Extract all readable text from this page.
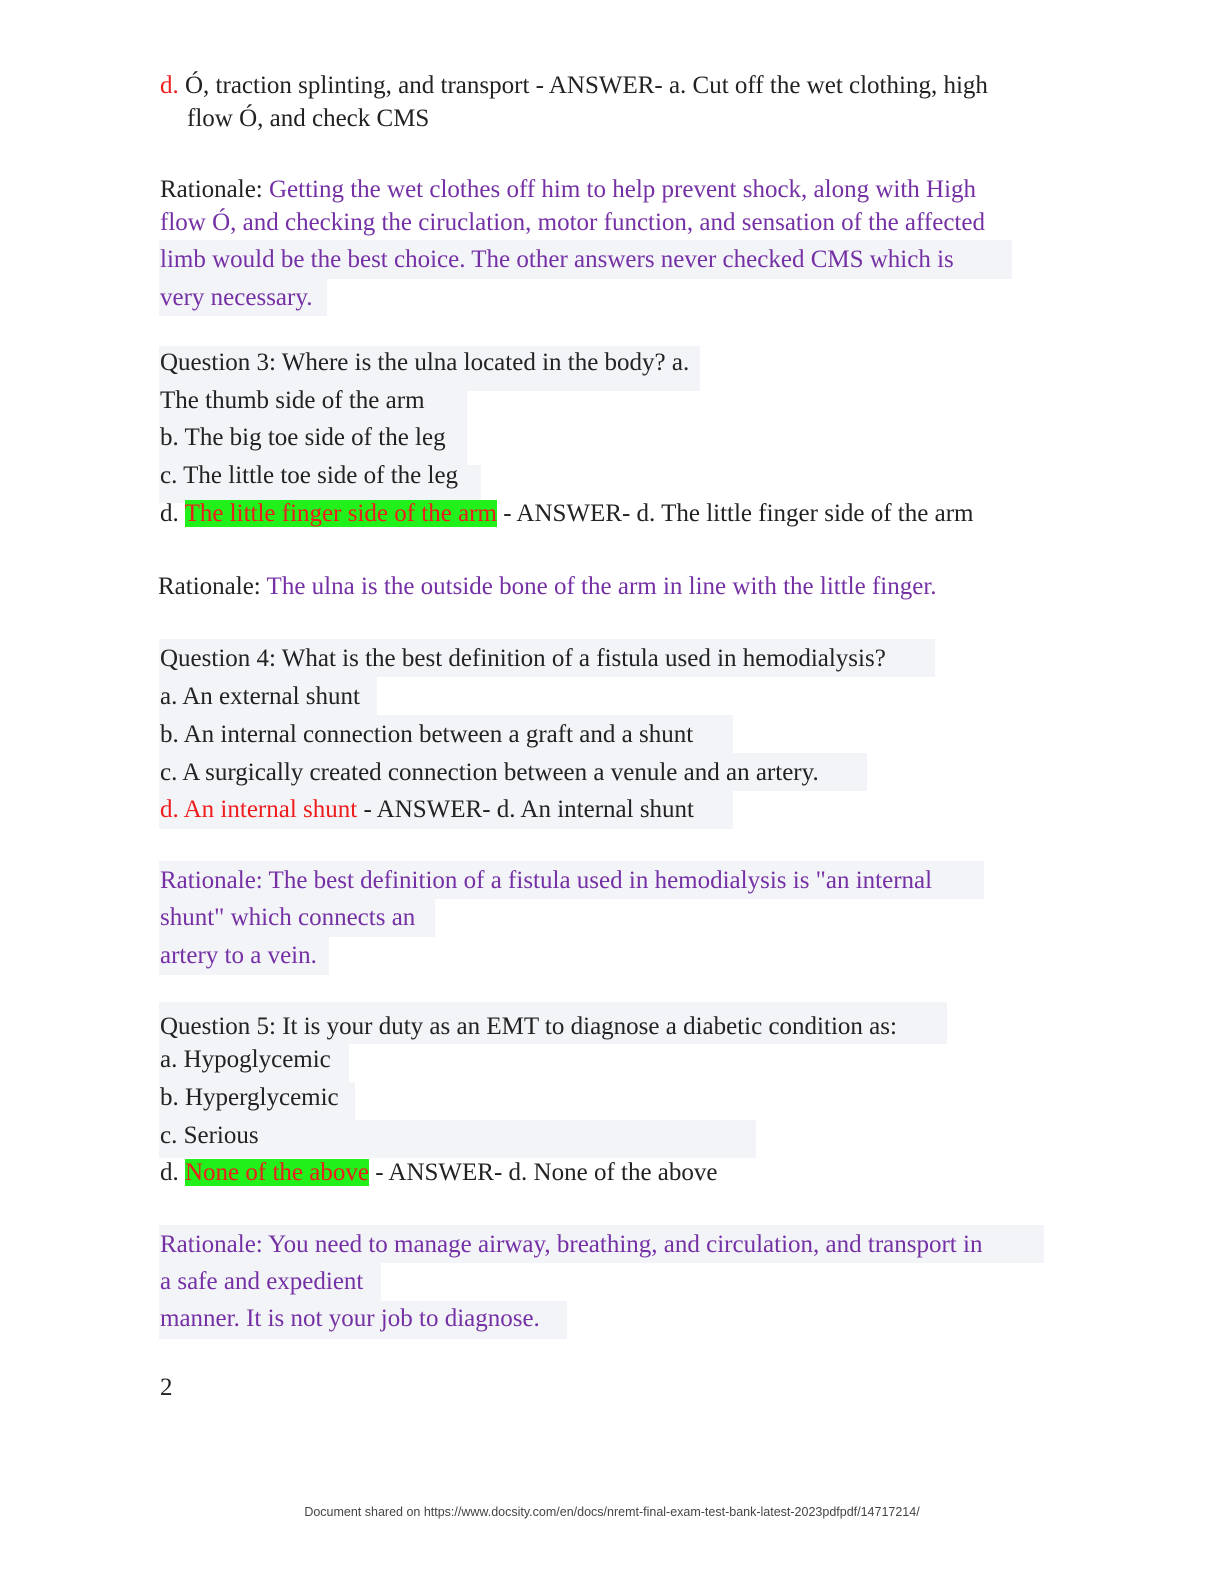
d. Ó, traction splinting, and transport - ANSWER- a. Cut off the wet clothing, high
flow Ó, and check CMS
Rationale: Getting the wet clothes off him to help prevent shock, along with High
flow Ó, and checking the ciruclation, motor function, and sensation of the affected
limb would be the best choice. The other answers never checked CMS which is
very necessary.
Question 3: Where is the ulna located in the body? a.
The thumb side of the arm
b. The big toe side of the leg
c. The little toe side of the leg
d. The little finger side of the arm - ANSWER- d. The little finger side of the arm
Rationale: The ulna is the outside bone of the arm in line with the little finger.
Question 4: What is the best definition of a fistula used in hemodialysis?
a. An external shunt
b. An internal connection between a graft and a shunt
c. A surgically created connection between a venule and an artery.
d. An internal shunt - ANSWER- d. An internal shunt
Rationale: The best definition of a fistula used in hemodialysis is "an internal
shunt" which connects an
artery to a vein.
Question 5: It is your duty as an EMT to diagnose a diabetic condition as:
a. Hypoglycemic
b. Hyperglycemic
c. Serious
d. None of the above - ANSWER- d. None of the above
Rationale: You need to manage airway, breathing, and circulation, and transport in
a safe and expedient
manner. It is not your job to diagnose.
2
Document shared on https://www.docsity.com/en/docs/nremt-final-exam-test-bank-latest-2023pdfpdf/14717214/
